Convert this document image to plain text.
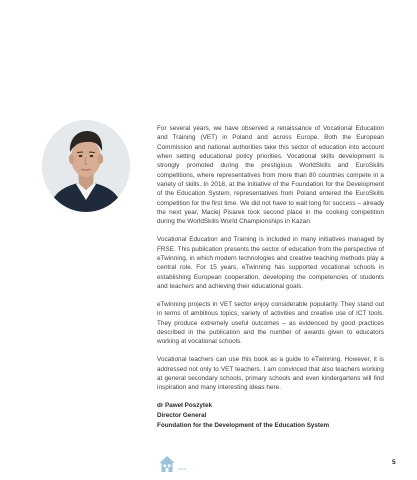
For several years, we have observed a renaissance of Vocational Education and Training (VET) in Poland and across Europe. Both the European Commission and national authorities take this sector of education into account when setting educational policy priorities. Vocational skills development is strongly promoted during the prestigious WorldSkills and EuroSkills competitions, where representatives from more than 80 countries compete in a variety of skills. In 2018, at the initiative of the Foundation for the Development of the Education System, representatives from Poland entered the EuroSkills competition for the first time. We did not have to wait long for success – already the next year, Maciej Pisarek took second place in the cooking competition during the WorldSkills World Championships in Kazan.

Vocational Education and Training is included in many initiatives managed by FRSE. This publication presents the sector of education from the perspective of eTwinning, in which modern technologies and creative teaching methods play a central role. For 15 years, eTwinning has supported vocational schools in establishing European cooperation, developing the competencies of students and teachers and achieving their educational goals.

eTwinning projects in VET sector enjoy considerable popularity. They stand out in terms of ambitious topics, variety of activities and creative use of ICT tools. They produce extremely useful outcomes – as evidenced by good practices described in the publication and the number of awards given to educators working at vocational schools.

Vocational teachers can use this book as a guide to eTwinning. However, it is addressed not only to VET teachers. I am convinced that also teachers working at general secondary schools, primary schools and even kindergartens will find inspiration and many interesting ideas here.

dr Paweł Poszytek
Director General
Foundation for the Development of the Education System
home
5
